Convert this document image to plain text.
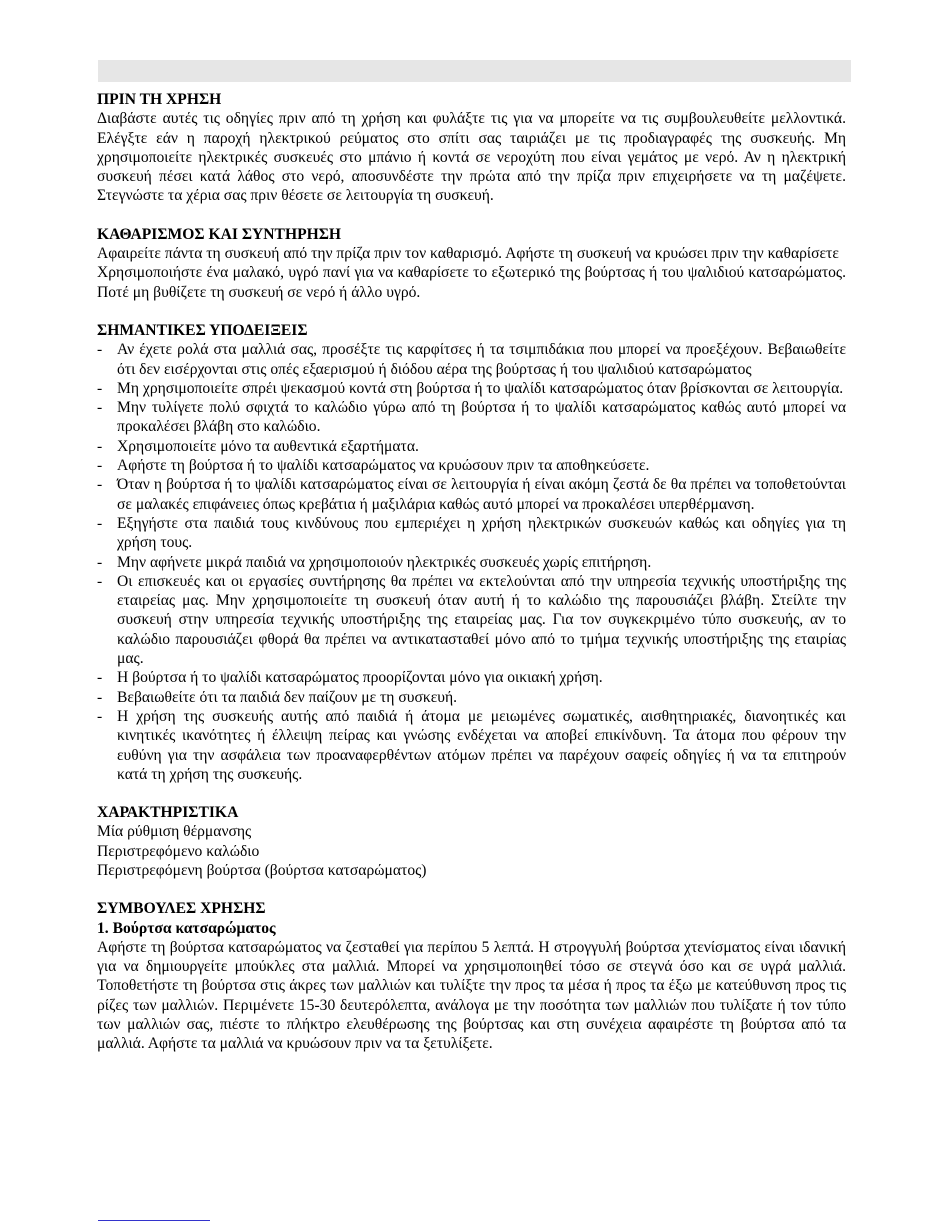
ΠΡΙΝ ΤΗ ΧΡΗΣΗ

Διαβάστε αυτές τις οδηγίες πριν από τη χρήση και φυλάξτε τις για να μπορείτε να τις συμβουλευθείτε μελλοντικά. Ελέγξτε εάν η παροχή ηλεκτρικού ρεύματος στο σπίτι σας ταιριάζει με τις προδιαγραφές της συσκευής. Μη χρησιμοποιείτε ηλεκτρικές συσκευές στο μπάνιο ή κοντά σε νεροχύτη που είναι γεμάτος με νερό. Αν η ηλεκτρική συσκευή πέσει κατά λάθος στο νερό, αποσυνδέστε την πρώτα από την πρίζα πριν επιχειρήσετε να τη μαζέψετε. Στεγνώστε τα χέρια σας πριν θέσετε σε λειτουργία τη συσκευή.

ΚΑΘΑΡΙΣΜΟΣ ΚΑΙ ΣΥΝΤΗΡΗΣΗ

Αφαιρείτε πάντα τη συσκευή από την πρίζα πριν τον καθαρισμό. Αφήστε τη συσκευή να κρυώσει πριν την καθαρίσετε

Χρησιμοποιήστε ένα μαλακό, υγρό πανί για να καθαρίσετε το εξωτερικό της βούρτσας ή του ψαλιδιού κατσαρώματος. Ποτέ μη βυθίζετε τη συσκευή σε νερό ή άλλο υγρό.

ΣΗΜΑΝΤΙΚΕΣ ΥΠΟΔΕΙΞΕΙΣ
- Αν έχετε ρολά στα μαλλιά σας, προσέξτε τις καρφίτσες ή τα τσιμπιδάκια που μπορεί να προεξέχουν. Βεβαιωθείτε ότι δεν εισέρχονται στις οπές εξαερισμού ή διόδου αέρα της βούρτσας ή του ψαλιδιού κατσαρώματος
- Μη χρησιμοποιείτε σπρέι ψεκασμού κοντά στη βούρτσα ή το ψαλίδι κατσαρώματος όταν βρίσκονται σε λειτουργία.
- Μην τυλίγετε πολύ σφιχτά το καλώδιο γύρω από τη βούρτσα ή το ψαλίδι κατσαρώματος καθώς αυτό μπορεί να προκαλέσει βλάβη στο καλώδιο.
- Χρησιμοποιείτε μόνο τα αυθεντικά εξαρτήματα.
- Αφήστε τη βούρτσα ή το ψαλίδι κατσαρώματος να κρυώσουν πριν τα αποθηκεύσετε.
- Όταν η βούρτσα ή το ψαλίδι κατσαρώματος είναι σε λειτουργία ή είναι ακόμη ζεστά δε θα πρέπει να τοποθετούνται σε μαλακές επιφάνειες όπως κρεβάτια ή μαξιλάρια καθώς αυτό μπορεί να προκαλέσει υπερθέρμανση.
- Εξηγήστε στα παιδιά τους κινδύνους που εμπεριέχει η χρήση ηλεκτρικών συσκευών καθώς και οδηγίες για τη χρήση τους.
- Μην αφήνετε μικρά παιδιά να χρησιμοποιούν ηλεκτρικές συσκευές χωρίς επιτήρηση.
- Οι επισκευές και οι εργασίες συντήρησης θα πρέπει να εκτελούνται από την υπηρεσία τεχνικής υποστήριξης της εταιρείας μας. Μην χρησιμοποιείτε τη συσκευή όταν αυτή ή το καλώδιο της παρουσιάζει βλάβη. Στείλτε την συσκευή στην υπηρεσία τεχνικής υποστήριξης της εταιρείας μας. Για τον συγκεκριμένο τύπο συσκευής, αν το καλώδιο παρουσιάζει φθορά θα πρέπει να αντικατασταθεί μόνο από το τμήμα τεχνικής υποστήριξης της εταιρίας μας.
- Η βούρτσα ή το ψαλίδι κατσαρώματος προορίζονται μόνο για οικιακή χρήση.
- Βεβαιωθείτε ότι τα παιδιά δεν παίζουν με τη συσκευή.
- Η χρήση της συσκευής αυτής από παιδιά ή άτομα με μειωμένες σωματικές, αισθητηριακές, διανοητικές και κινητικές ικανότητες ή έλλειψη πείρας και γνώσης ενδέχεται να αποβεί επικίνδυνη. Τα άτομα που φέρουν την ευθύνη για την ασφάλεια των προαναφερθέντων ατόμων πρέπει να παρέχουν σαφείς οδηγίες ή να τα επιτηρούν κατά τη χρήση της συσκευής.
ΧΑΡΑΚΤΗΡΙΣΤΙΚΑ

Μία ρύθμιση θέρμανσης

Περιστρεφόμενο καλώδιο

Περιστρεφόμενη βούρτσα (βούρτσα κατσαρώματος)

ΣΥΜΒΟΥΛΕΣ ΧΡΗΣΗΣ
1. Βούρτσα κατσαρώματος

Αφήστε τη βούρτσα κατσαρώματος να ζεσταθεί για περίπου 5 λεπτά. Η στρογγυλή βούρτσα χτενίσματος είναι ιδανική για να δημιουργείτε μπούκλες στα μαλλιά. Μπορεί να χρησιμοποιηθεί τόσο σε στεγνά όσο και σε υγρά μαλλιά. Τοποθετήστε τη βούρτσα στις άκρες των μαλλιών και τυλίξτε την προς τα μέσα ή προς τα έξω με κατεύθυνση προς τις ρίζες των μαλλιών. Περιμένετε 15-30 δευτερόλεπτα, ανάλογα με την ποσότητα των μαλλιών που τυλίξατε ή τον τύπο των μαλλιών σας, πιέστε το πλήκτρο ελευθέρωσης της βούρτσας και στη συνέχεια αφαιρέστε τη βούρτσα από τα μαλλιά. Αφήστε τα μαλλιά να κρυώσουν πριν να τα ξετυλίξετε.
